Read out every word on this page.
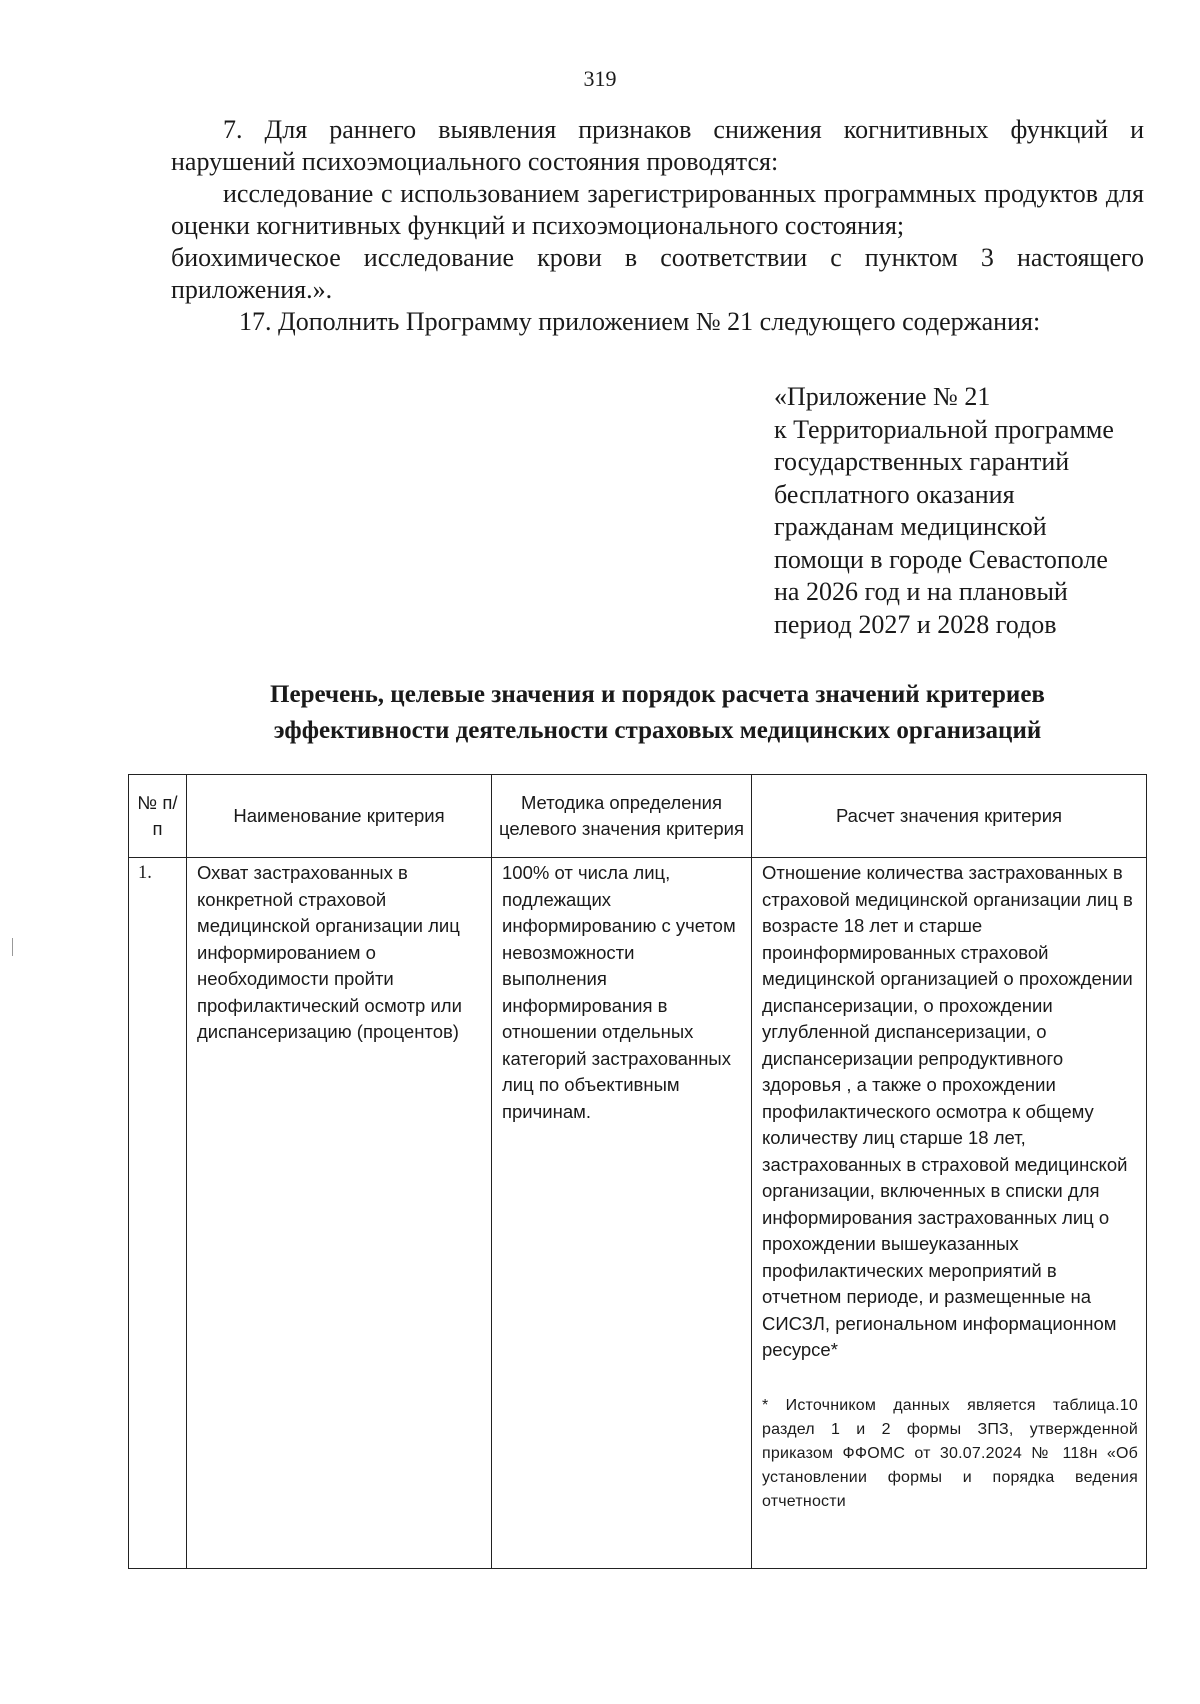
319

7. Для раннего выявления признаков снижения когнитивных функций и нарушений психоэмоциального состояния проводятся:

исследование с использованием зарегистрированных программных продуктов для оценки когнитивных функций и психоэмоционального состояния;

биохимическое исследование крови в соответствии с пунктом 3 настоящего приложения.».

17. Дополнить Программу приложением № 21 следующего содержания:

«Приложение № 21
к Территориальной программе
государственных гарантий
бесплатного оказания
гражданам медицинской
помощи в городе Севастополе
на 2026 год и на плановый
период 2027 и 2028 годов
Перечень, целевые значения и порядок расчета значений критериев
эффективности деятельности страховых медицинских организаций
№ п/п	Наименование критерия	Методика определения целевого значения критерия	Расчет значения критерия
1.	Охват застрахованных в конкретной страховой медицинской организации лиц информированием о необходимости пройти профилактический осмотр или диспансеризацию (процентов)	100% от числа лиц, подлежащих информированию с учетом невозможности выполнения информирования в отношении отдельных категорий застрахованных лиц по объективным причинам.	Отношение количества застрахованных в страховой медицинской организации лиц в возрасте 18 лет и старше проинформированных страховой медицинской организацией о прохождении диспансеризации, о прохождении углубленной диспансеризации, о диспансеризации репродуктивного здоровья , а также о прохождении профилактического осмотра к общему количеству лиц старше 18 лет, застрахованных в страховой медицинской организации, включенных в списки для информирования застрахованных лиц о прохождении вышеуказанных профилактических мероприятий в отчетном периоде, и размещенные на СИСЗЛ, региональном информационном ресурсе*
* Источником данных является таблица.10 раздел 1 и 2 формы ЗПЗ, утвержденной приказом ФФОМС от 30.07.2024 № 118н «Об установлении формы и порядка ведения отчетности
